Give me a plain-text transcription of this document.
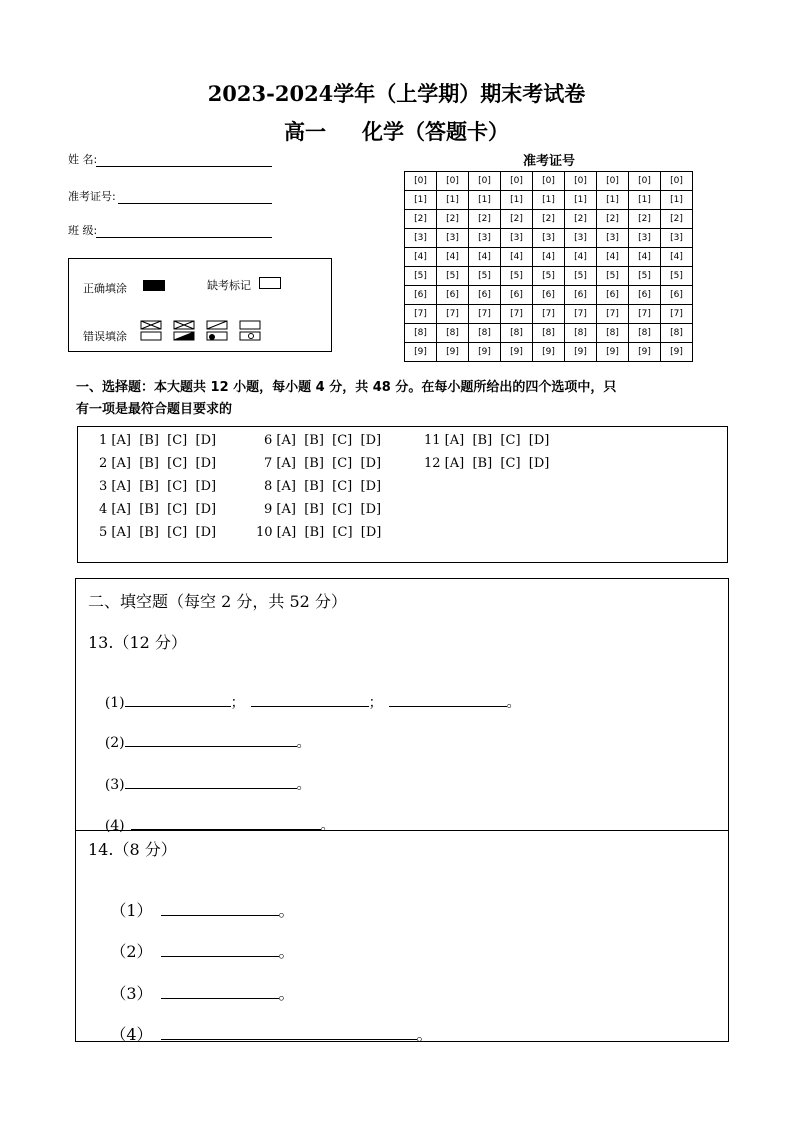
2023-2024学年（上学期）期末考试卷
高一 化学（答题卡）
姓 名:
准考证号:
班 级:
正确填涂	缺考标记
错误填涂
准考证号
[0]	[0]	[0]	[0]	[0]	[0]	[0]	[0]	[0]
[1]	[1]	[1]	[1]	[1]	[1]	[1]	[1]	[1]
[2]	[2]	[2]	[2]	[2]	[2]	[2]	[2]	[2]
[3]	[3]	[3]	[3]	[3]	[3]	[3]	[3]	[3]
[4]	[4]	[4]	[4]	[4]	[4]	[4]	[4]	[4]
[5]	[5]	[5]	[5]	[5]	[5]	[5]	[5]	[5]
[6]	[6]	[6]	[6]	[6]	[6]	[6]	[6]	[6]
[7]	[7]	[7]	[7]	[7]	[7]	[7]	[7]	[7]
[8]	[8]	[8]	[8]	[8]	[8]	[8]	[8]	[8]
[9]	[9]	[9]	[9]	[9]	[9]	[9]	[9]	[9]
一、选择题：本大题共 12 小题，每小题 4 分，共 48 分。在每小题所给出的四个选项中，只
有一项是最符合题目要求的
1 [A]  [B]  [C]  [D]
2 [A]  [B]  [C]  [D]
3 [A]  [B]  [C]  [D]
4 [A]  [B]  [C]  [D]
5 [A]  [B]  [C]  [D]
6 [A]  [B]  [C]  [D]
7 [A]  [B]  [C]  [D]
8 [A]  [B]  [C]  [D]
9 [A]  [B]  [C]  [D]
10 [A]  [B]  [C]  [D]
11 [A]  [B]  [C]  [D]
12 [A]  [B]  [C]  [D]
二、填空题（每空 2 分，共 52 分）
13.（12 分）

(1)	；	；	。

(2)	。

(3)	。

(4)	。

14.（8 分）

（1）	。

（2）	。

（3）	。

（4）	。
